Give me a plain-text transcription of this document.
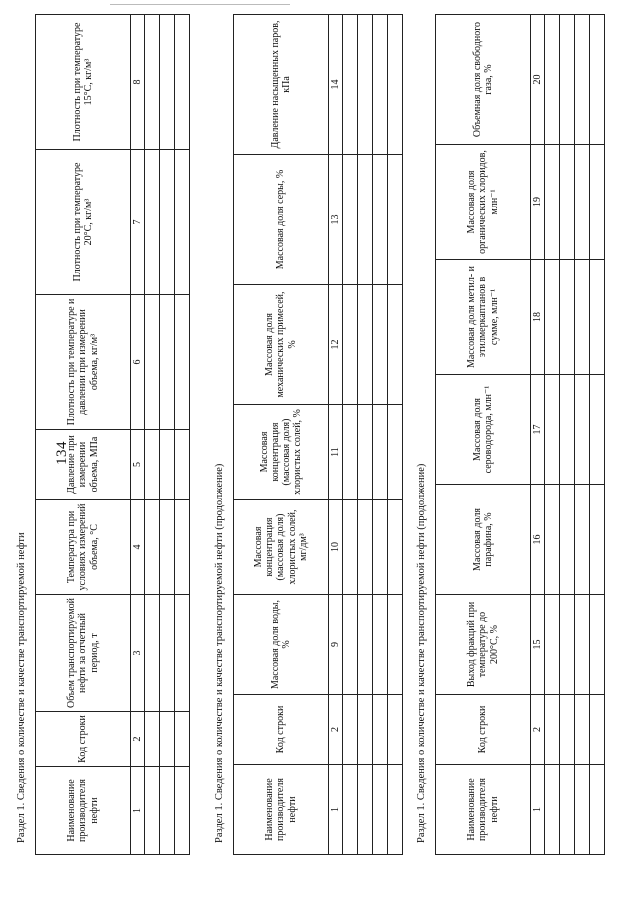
134
Раздел 1. Сведения о количестве и качестве транспортируемой нефти	Наименование производителя нефти	Код строки	Объем транспортируемой нефти за отчетный период, т	Температура при условиях измерений объема, °С	Давление при измерении объема, МПа	Плотность при температуре и давлении при измерении объема, кг/м³	Плотность при температуре 20°С, кг/м³	Плотность при температуре 15°С, кг/м³
1	2	3	4	5	6	7	8

Раздел 1. Сведения о количестве и качестве транспортируемой нефти (продолжение)	Наименование производителя нефти	Код строки	Массовая доля воды, %	Массовая концентрация (массовая доля) хлористых солей, мг/дм³	Массовая концентрация (массовая доля) хлористых солей, %	Массовая доля механических примесей, %	Массовая доля серы, %	Давление насыщенных паров, кПа
1	2	9	10	11	12	13	14

Раздел 1. Сведения о количестве и качестве транспортируемой нефти (продолжение)	Наименование производителя нефти	Код строки	Выход фракций при температуре до 200°С, %	Массовая доля парафина, %	Массовая доля сероводорода, млн⁻¹	Массовая доля метил- и этилмеркаптанов в сумме, млн⁻¹	Массовая доля органических хлоридов, млн⁻¹	Объемная доля свободного газа, %
1	2	15	16	17	18	19	20
